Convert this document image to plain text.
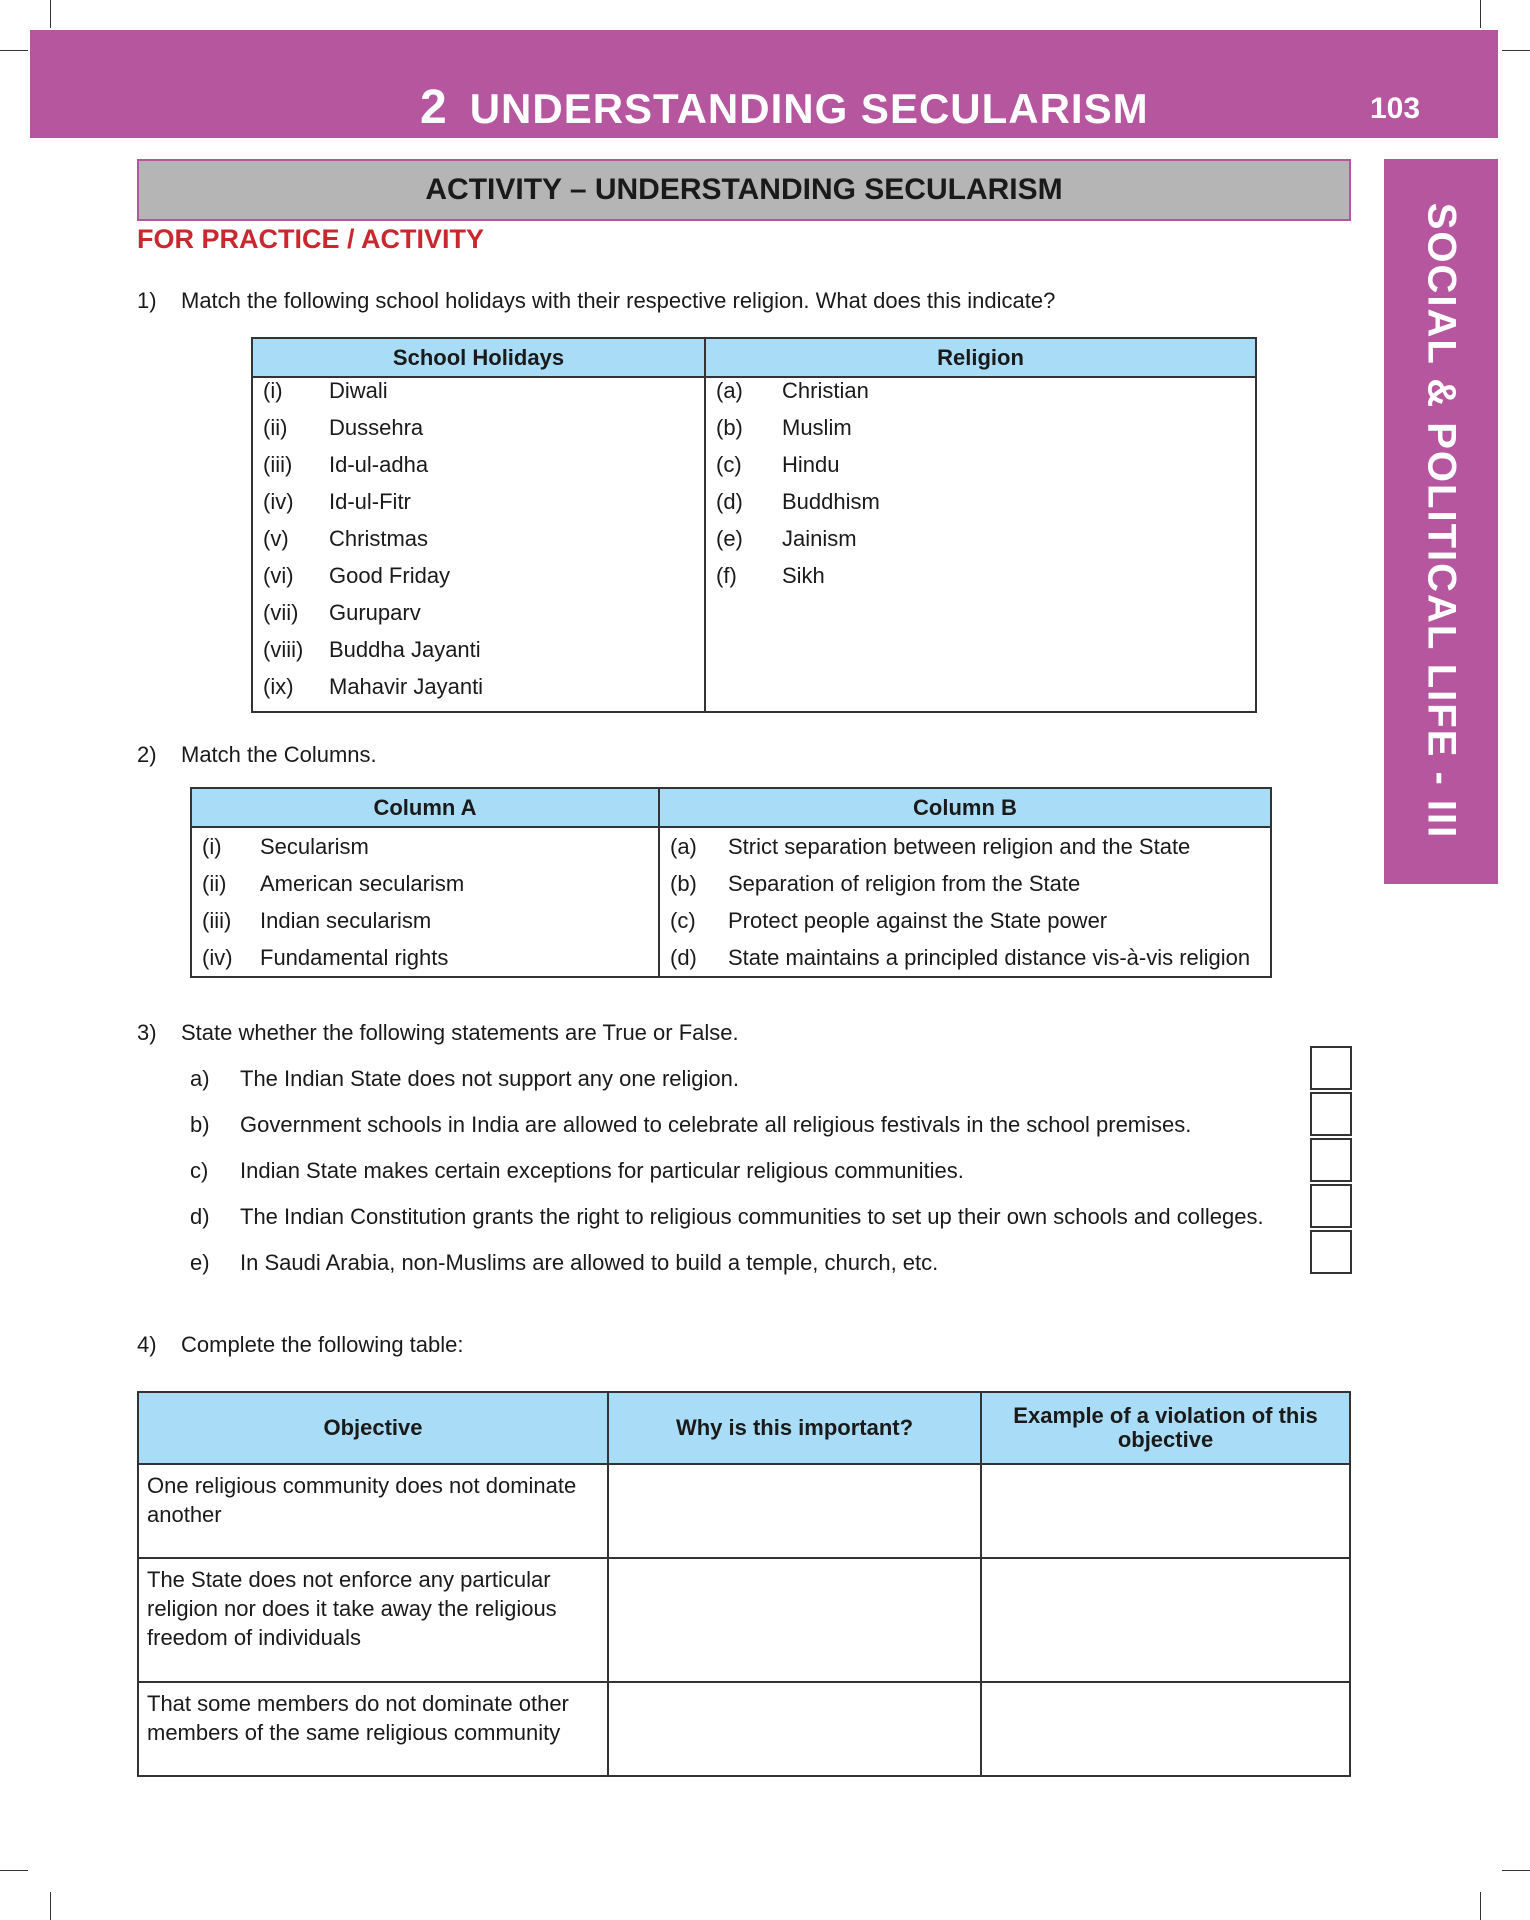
2 UNDERSTANDING SECULARISM	103
SOCIAL & POLITICAL LIFE - III
ACTIVITY – UNDERSTANDING SECULARISM
FOR PRACTICE / ACTIVITY
1) Match the following school holidays with their respective religion. What does this indicate?
School Holidays	Religion
(i) Diwali	(a) Christian
(ii) Dussehra	(b) Muslim
(iii) Id-ul-adha	(c) Hindu
(iv) Id-ul-Fitr	(d) Buddhism
(v) Christmas	(e) Jainism
(vi) Good Friday	(f) Sikh
(vii) Guruparv	
(viii) Buddha Jayanti	
(ix) Mahavir Jayanti	
2) Match the Columns.
Column A	Column B
(i) Secularism	(a) Strict separation between religion and the State
(ii) American secularism	(b) Separation of religion from the State
(iii) Indian secularism	(c) Protect people against the State power
(iv) Fundamental rights	(d) State maintains a principled distance vis-à-vis religion
3) State whether the following statements are True or False.
a) The Indian State does not support any one religion.
b) Government schools in India are allowed to celebrate all religious festivals in the school premises.
c) Indian State makes certain exceptions for particular religious communities.
d) The Indian Constitution grants the right to religious communities to set up their own schools and colleges.
e) In Saudi Arabia, non-Muslims are allowed to build a temple, church, etc.
4) Complete the following table:
Objective	Why is this important?	Example of a violation of this objective
One religious community does not dominate another		
The State does not enforce any particular religion nor does it take away the religious freedom of individuals		
That some members do not dominate other members of the same religious community		
